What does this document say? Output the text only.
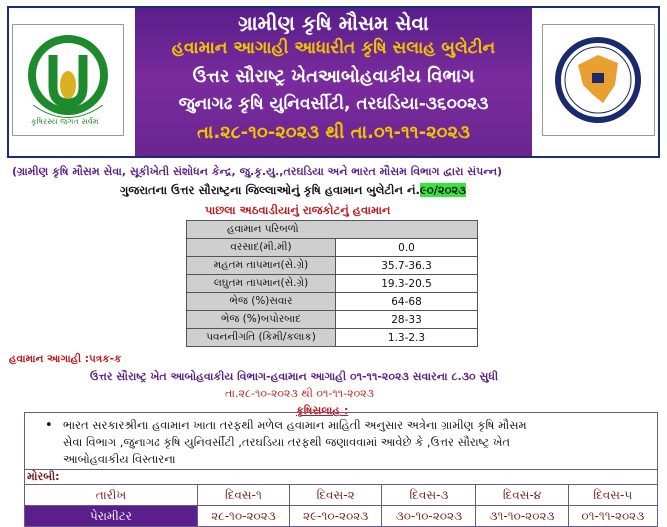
ગ્રામીણ કૃષિ મૌસમ સેવા
હવામાન આગાહી આધારીત કૃષિ સલાહ બુલેટીન
ઉત્તર સૌરાષ્ટ્ર ખેતઆબોહવાકીય વિભાગ
જુનાગઢ કૃષિ યુનિવર્સીટી, તરઘડિયા-૩૬૦૦૨૩
તા.૨૮-૧૦-૨૦૨૩ થી તા.૦૧-૧૧-૨૦૨૩
કૃષિરસ્ય જગત સર્વમ
(ગ્રામીણ કૃષિ મૌસમ સેવા, સૂકીખેતી સંશોધન કેન્દ્ર, જુ.કૃ.યુ.,તરઘડિયા અને ભારત મૌસમ વિભાગ દ્વારા સંપન્ન)
ગુજરાતના ઉત્તર સૌરાષ્ટ્રના જિલ્લાઓનું કૃષિ હવામાન બુલેટીન નં.૯૦/૨૦૨૩
પાછલા અઠવાડીયાનું રાજકોટનું હવામાન
હવામાન પરિબળો	
વરસાદ(મી.મી)	0.0
મહતમ તાપમાન(સે.ગ્રે)	35.7-36.3
લઘુતમ તાપમાન(સે.ગ્રે)	19.3-20.5
ભેજ (%)સવાર	64-68
ભેજ (%)બપોરબાદ	28-33
પવનનીગતિ (કિમી/કલાક)	1.3-2.3
હવામાન આગાહી :પત્રક-ક
ઉત્તર સૌરાષ્ટ્ર ખેત આબોહવાકીય વિભાગ-હવામાન આગાહી ૦૧-૧૧-૨૦૨૩ સવારના ૮.૩૦ સુધી
તા.૨૮-૧૦-૨૦૨૩ થી ૦૧-૧૧-૨૦૨૩
કૃષિસલાહ :
• ભારત સરકારશ્રીના હવામાન ખાતા તરફથી મળેલ હવામાન માહિતી અનુસાર અત્રેના ગ્રામીણ કૃષિ મૌસમ
સેવા વિભાગ ,જુનાગઢ કૃષિ યુનિવર્સીટી ,તરઘડિયા તરફથી જણાવવામાં આવેછે કે ,ઉત્તર સૌરાષ્ટ્ર ખેત
આબોહવાકીય વિસ્તારના
મોરબી:
તારીખ	દિવસ-૧	દિવસ-૨	દિવસ-૩	દિવસ-૪	દિવસ-૫
પેરામીટર	૨૮-૧૦-૨૦૨૩	૨૯-૧૦-૨૦૨૩	૩૦-૧૦-૨૦૨૩	૩૧-૧૦-૨૦૨૩	૦૧-૧૧-૨૦૨૩
